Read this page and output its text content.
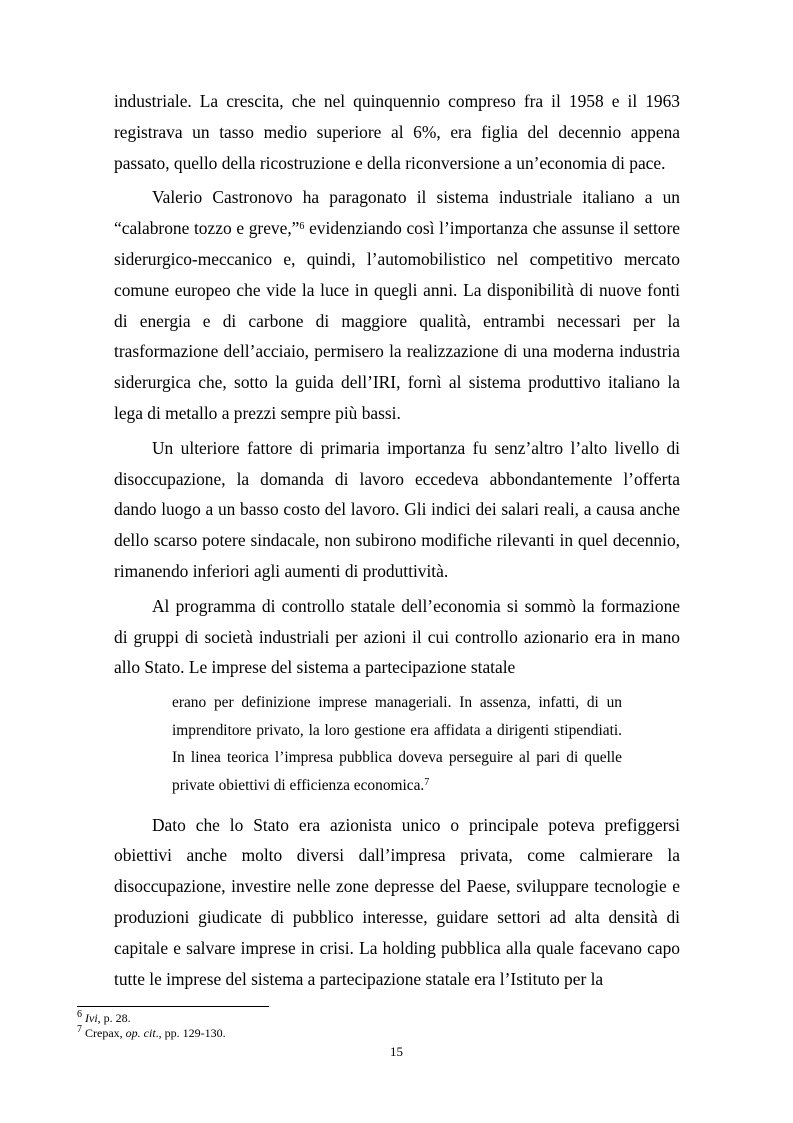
industriale. La crescita, che nel quinquennio compreso fra il 1958 e il 1963 registrava un tasso medio superiore al 6%, era figlia del decennio appena passato, quello della ricostruzione e della riconversione a un’economia di pace.

Valerio Castronovo ha paragonato il sistema industriale italiano a un “calabrone tozzo e greve,”$^6$ evidenziando così l’importanza che assunse il settore siderurgico-meccanico e, quindi, l’automobilistico nel competitivo mercato comune europeo che vide la luce in quegli anni. La disponibilità di nuove fonti di energia e di carbone di maggiore qualità, entrambi necessari per la trasformazione dell’acciaio, permisero la realizzazione di una moderna industria siderurgica che, sotto la guida dell’IRI, fornì al sistema produttivo italiano la lega di metallo a prezzi sempre più bassi.

Un ulteriore fattore di primaria importanza fu senz’altro l’alto livello di disoccupazione, la domanda di lavoro eccedeva abbondantemente l’offerta dando luogo a un basso costo del lavoro. Gli indici dei salari reali, a causa anche dello scarso potere sindacale, non subirono modifiche rilevanti in quel decennio, rimanendo inferiori agli aumenti di produttività.

Al programma di controllo statale dell’economia si sommò la formazione di gruppi di società industriali per azioni il cui controllo azionario era in mano allo Stato. Le imprese del sistema a partecipazione statale

erano per definizione imprese manageriali. In assenza, infatti, di un imprenditore privato, la loro gestione era affidata a dirigenti stipendiati. In linea teorica l’impresa pubblica doveva perseguire al pari di quelle private obiettivi di efficienza economica.$^7$

Dato che lo Stato era azionista unico o principale poteva prefiggersi obiettivi anche molto diversi dall’impresa privata, come calmierare la disoccupazione, investire nelle zone depresse del Paese, sviluppare tecnologie e produzioni giudicate di pubblico interesse, guidare settori ad alta densità di capitale e salvare imprese in crisi. La holding pubblica alla quale facevano capo tutte le imprese del sistema a partecipazione statale era l’Istituto per la

$^6$ Ivi, p. 28.
$^7$ Crepax, op. cit., pp. 129-130.
15
